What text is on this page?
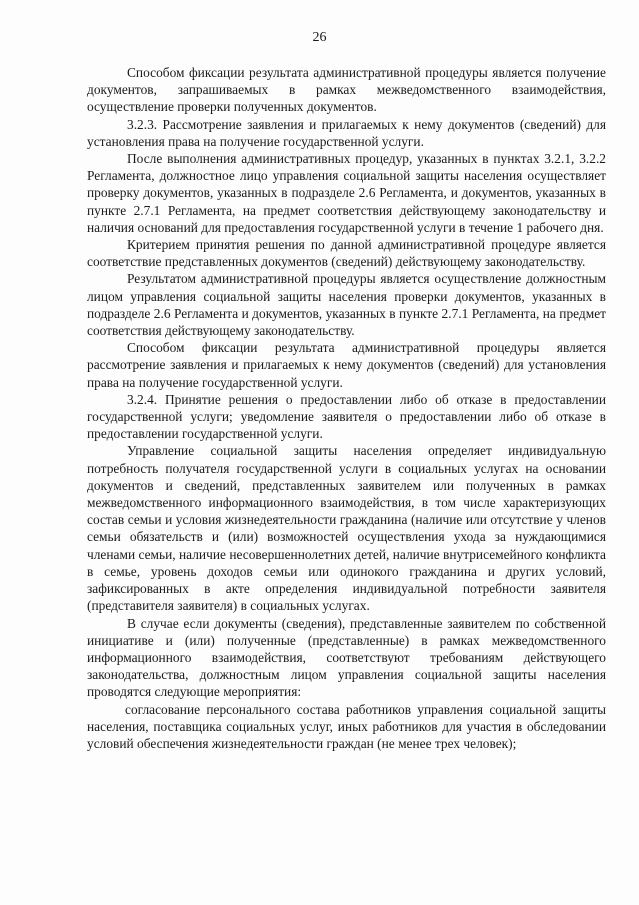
26

Способом фиксации результата административной процедуры является получение документов, запрашиваемых в рамках межведомственного взаимодействия, осуществление проверки полученных документов.

3.2.3. Рассмотрение заявления и прилагаемых к нему документов (сведений) для установления права на получение государственной услуги.

После выполнения административных процедур, указанных в пунктах 3.2.1, 3.2.2 Регламента, должностное лицо управления социальной защиты населения осуществляет проверку документов, указанных в подразделе 2.6 Регламента, и документов, указанных в пункте 2.7.1 Регламента, на предмет соответствия действующему законодательству и наличия оснований для предоставления государственной услуги в течение 1 рабочего дня.

Критерием принятия решения по данной административной процедуре является соответствие представленных документов (сведений) действующему законодательству.

Результатом административной процедуры является осуществление должностным лицом управления социальной защиты населения проверки документов, указанных в подразделе 2.6 Регламента и документов, указанных в пункте 2.7.1 Регламента, на предмет соответствия действующему законодательству.

Способом фиксации результата административной процедуры является рассмотрение заявления и прилагаемых к нему документов (сведений) для установления права на получение государственной услуги.

3.2.4. Принятие решения о предоставлении либо об отказе в предоставлении государственной услуги; уведомление заявителя о предоставлении либо об отказе в предоставлении государственной услуги.

Управление социальной защиты населения определяет индивидуальную потребность получателя государственной услуги в социальных услугах на основании документов и сведений, представленных заявителем или полученных в рамках межведомственного информационного взаимодействия, в том числе характеризующих состав семьи и условия жизнедеятельности гражданина (наличие или отсутствие у членов семьи обязательств и (или) возможностей осуществления ухода за нуждающимися членами семьи, наличие несовершеннолетних детей, наличие внутрисемейного конфликта в семье, уровень доходов семьи или одинокого гражданина и других условий, зафиксированных в акте определения индивидуальной потребности заявителя (представителя заявителя) в социальных услугах.

В случае если документы (сведения), представленные заявителем по собственной инициативе и (или) полученные (представленные) в рамках межведомственного информационного взаимодействия, соответствуют требованиям действующего законодательства, должностным лицом управления социальной защиты населения проводятся следующие мероприятия:

согласование персонального состава работников управления социальной защиты населения, поставщика социальных услуг, иных работников для участия в обследовании условий обеспечения жизнедеятельности граждан (не менее трех человек);
